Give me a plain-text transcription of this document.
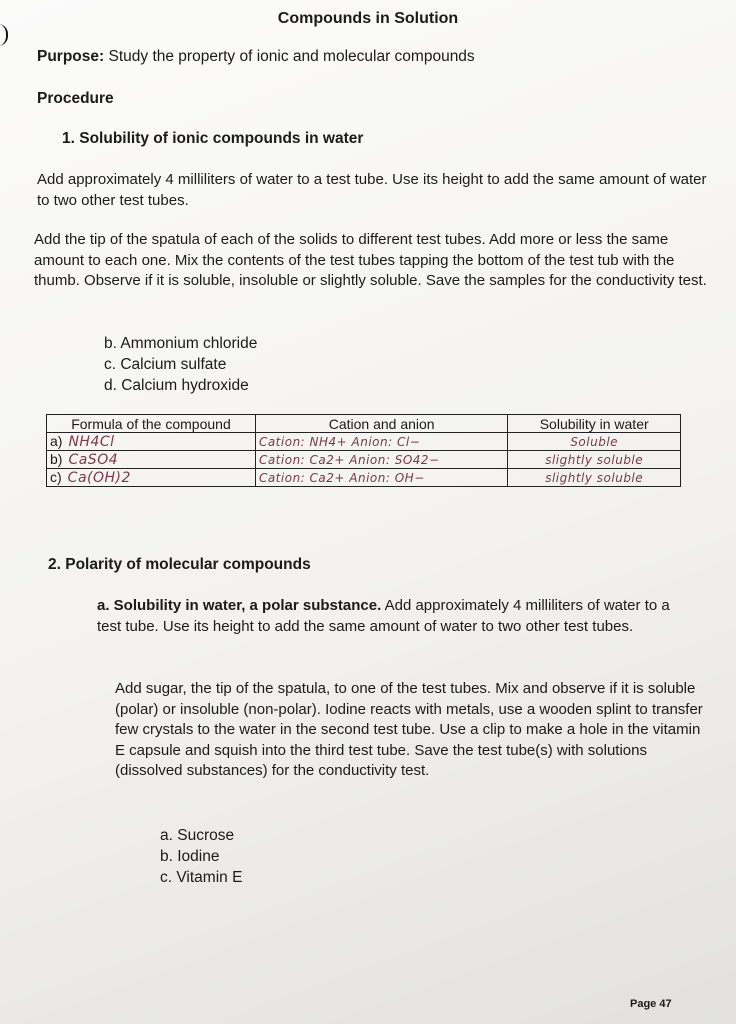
Compounds in Solution
Purpose: Study the property of ionic and molecular compounds
Procedure
1. Solubility of ionic compounds in water
Add approximately 4 milliliters of water to a test tube. Use its height to add the same amount of water to two other test tubes.
Add the tip of the spatula of each of the solids to different test tubes. Add more or less the same amount to each one. Mix the contents of the test tubes tapping the bottom of the test tub with the thumb. Observe if it is soluble, insoluble or slightly soluble. Save the samples for the conductivity test.
b. Ammonium chloride
c. Calcium sulfate
d. Calcium hydroxide
Formula of the compound	Cation and anion	Solubility in water
a) NH4Cl	Cation: NH4+ Anion: Cl−	Soluble
b) CaSO4	Cation: Ca2+ Anion: SO42−	slightly soluble
c) Ca(OH)2	Cation: Ca2+ Anion: OH−	slightly soluble
2. Polarity of molecular compounds
a. Solubility in water, a polar substance. Add approximately 4 milliliters of water to a test tube. Use its height to add the same amount of water to two other test tubes.
Add sugar, the tip of the spatula, to one of the test tubes. Mix and observe if it is soluble (polar) or insoluble (non-polar). Iodine reacts with metals, use a wooden splint to transfer few crystals to the water in the second test tube. Use a clip to make a hole in the vitamin E capsule and squish into the third test tube. Save the test tube(s) with solutions (dissolved substances) for the conductivity test.
a. Sucrose
b. Iodine
c. Vitamin E
Page 47
